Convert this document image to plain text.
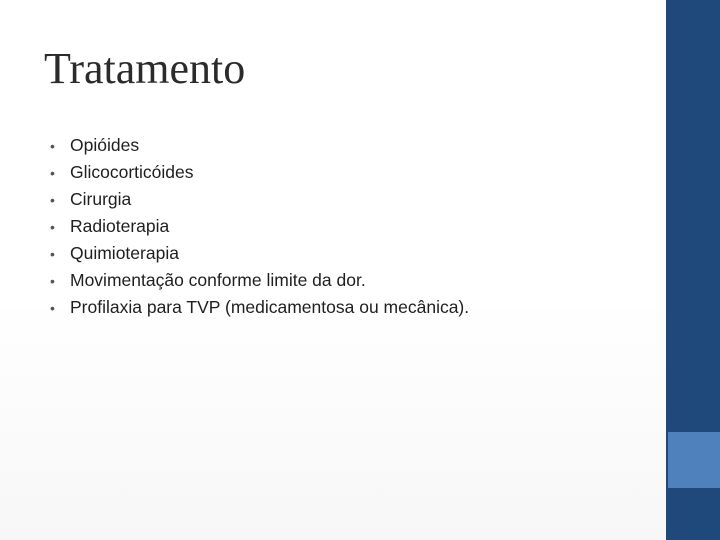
Tratamento
• Opióides
• Glicocorticóides
• Cirurgia
• Radioterapia
• Quimioterapia
• Movimentação conforme limite da dor.
• Profilaxia para TVP (medicamentosa ou mecânica).
